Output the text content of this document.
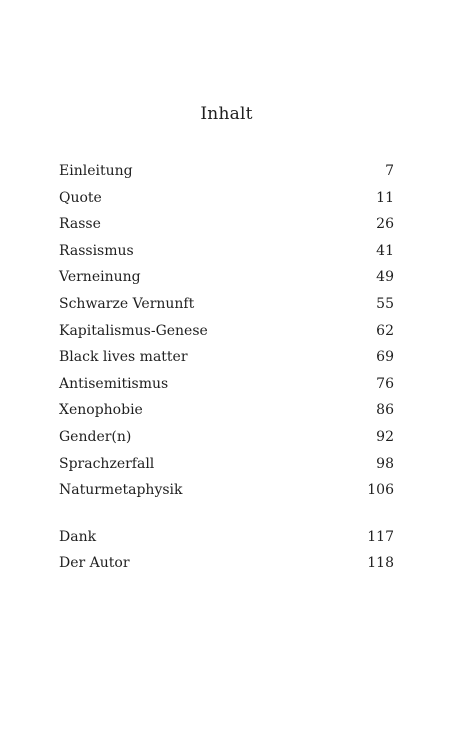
Inhalt
Einleitung	7
Quote	11
Rasse	26
Rassismus	41
Verneinung	49
Schwarze Vernunft	55
Kapitalismus-Genese	62
Black lives matter	69
Antisemitismus	76
Xenophobie	86
Gender(n)	92
Sprachzerfall	98
Naturmetaphysik	106
Dank	117
Der Autor	118
